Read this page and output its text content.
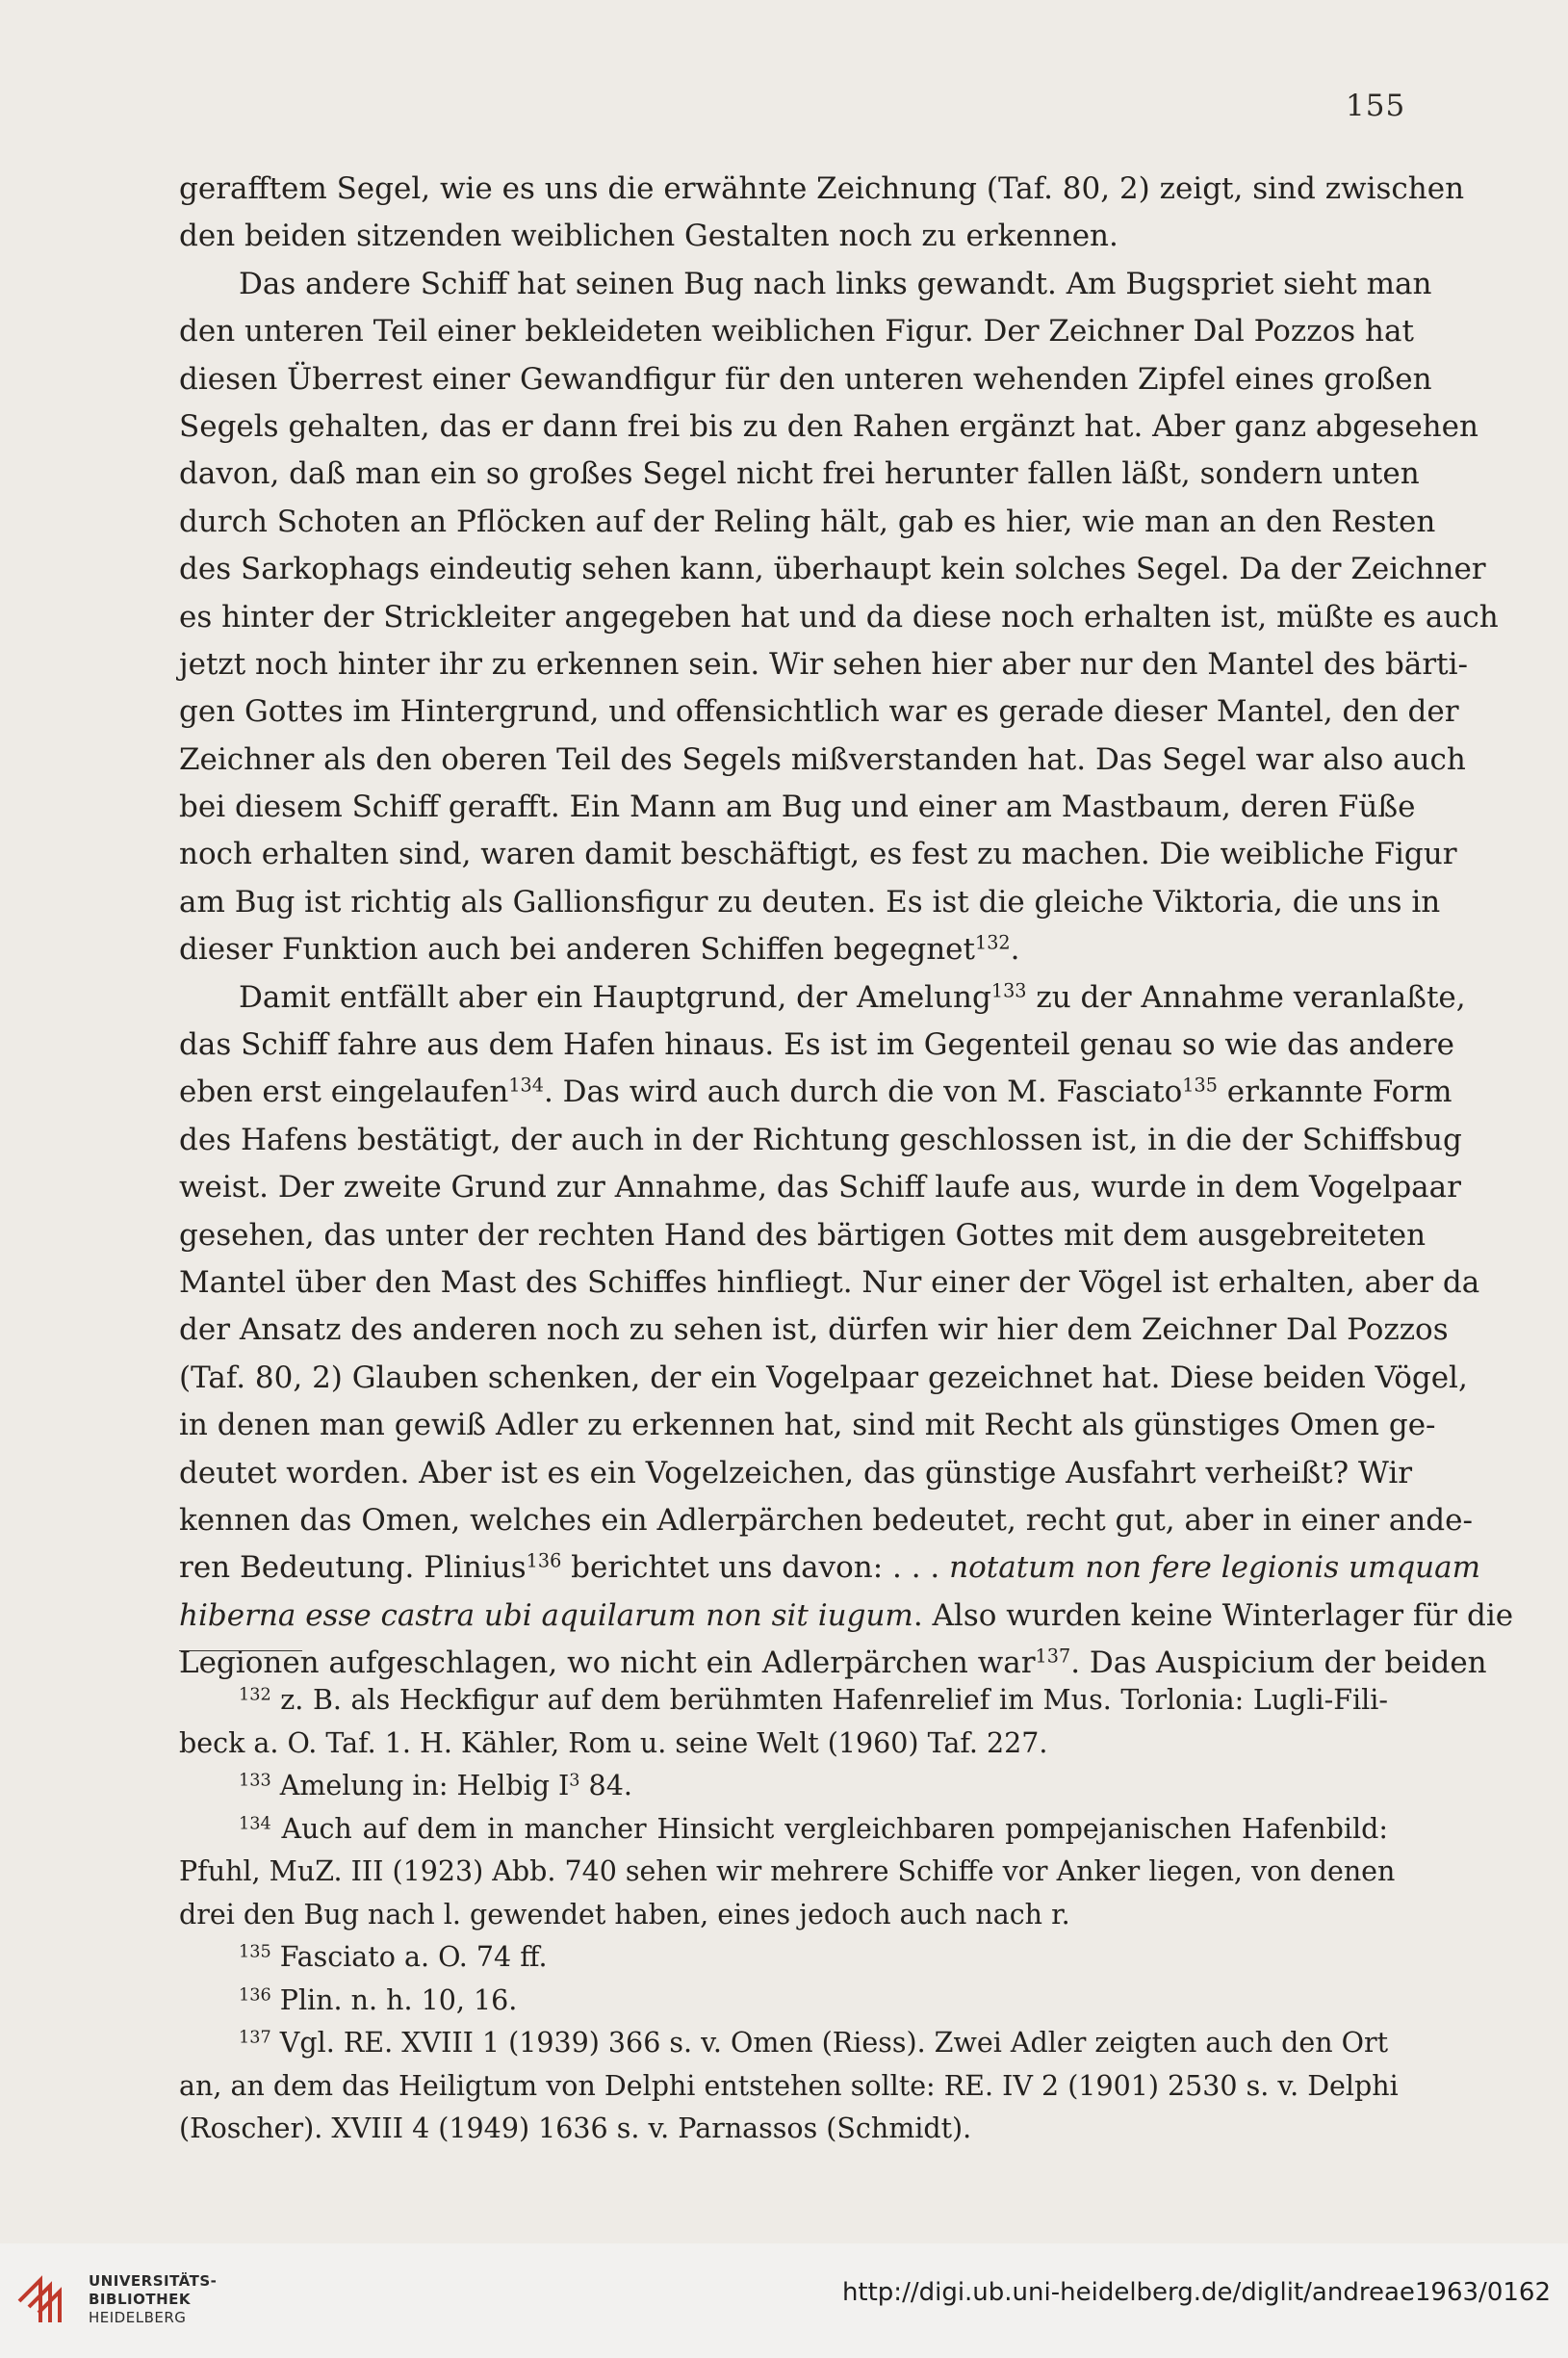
155
gerafftem Segel, wie es uns die erwähnte Zeichnung (Taf. 80, 2) zeigt, sind zwischen
den beiden sitzenden weiblichen Gestalten noch zu erkennen.
Das andere Schiff hat seinen Bug nach links gewandt. Am Bugspriet sieht man
den unteren Teil einer bekleideten weiblichen Figur. Der Zeichner Dal Pozzos hat
diesen Überrest einer Gewandfigur für den unteren wehenden Zipfel eines großen
Segels gehalten, das er dann frei bis zu den Rahen ergänzt hat. Aber ganz abgesehen
davon, daß man ein so großes Segel nicht frei herunter fallen läßt, sondern unten
durch Schoten an Pflöcken auf der Reling hält, gab es hier, wie man an den Resten
des Sarkophags eindeutig sehen kann, überhaupt kein solches Segel. Da der Zeichner
es hinter der Strickleiter angegeben hat und da diese noch erhalten ist, müßte es auch
jetzt noch hinter ihr zu erkennen sein. Wir sehen hier aber nur den Mantel des bärti-
gen Gottes im Hintergrund, und offensichtlich war es gerade dieser Mantel, den der
Zeichner als den oberen Teil des Segels mißverstanden hat. Das Segel war also auch
bei diesem Schiff gerafft. Ein Mann am Bug und einer am Mastbaum, deren Füße
noch erhalten sind, waren damit beschäftigt, es fest zu machen. Die weibliche Figur
am Bug ist richtig als Gallionsfigur zu deuten. Es ist die gleiche Viktoria, die uns in
dieser Funktion auch bei anderen Schiffen begegnet$^{132}$.
Damit entfällt aber ein Hauptgrund, der Amelung$^{133}$ zu der Annahme veranlaßte,
das Schiff fahre aus dem Hafen hinaus. Es ist im Gegenteil genau so wie das andere
eben erst eingelaufen$^{134}$. Das wird auch durch die von M. Fasciato$^{135}$ erkannte Form
des Hafens bestätigt, der auch in der Richtung geschlossen ist, in die der Schiffsbug
weist. Der zweite Grund zur Annahme, das Schiff laufe aus, wurde in dem Vogelpaar
gesehen, das unter der rechten Hand des bärtigen Gottes mit dem ausgebreiteten
Mantel über den Mast des Schiffes hinfliegt. Nur einer der Vögel ist erhalten, aber da
der Ansatz des anderen noch zu sehen ist, dürfen wir hier dem Zeichner Dal Pozzos
(Taf. 80, 2) Glauben schenken, der ein Vogelpaar gezeichnet hat. Diese beiden Vögel,
in denen man gewiß Adler zu erkennen hat, sind mit Recht als günstiges Omen ge-
deutet worden. Aber ist es ein Vogelzeichen, das günstige Ausfahrt verheißt? Wir
kennen das Omen, welches ein Adlerpärchen bedeutet, recht gut, aber in einer ande-
ren Bedeutung. Plinius$^{136}$ berichtet uns davon: . . . notatum non fere legionis umquam
hiberna esse castra ubi aquilarum non sit iugum. Also wurden keine Winterlager für die
Legionen aufgeschlagen, wo nicht ein Adlerpärchen war$^{137}$. Das Auspicium der beiden
$^{132}$ z. B. als Heckfigur auf dem berühmten Hafenrelief im Mus. Torlonia: Lugli-Fili-
beck a. O. Taf. 1. H. Kähler, Rom u. seine Welt (1960) Taf. 227.
$^{133}$ Amelung in: Helbig $I^3$ 84.
$^{134}$ Auch auf dem in mancher Hinsicht vergleichbaren pompejanischen Hafenbild:
Pfuhl, MuZ. III (1923) Abb. 740 sehen wir mehrere Schiffe vor Anker liegen, von denen
drei den Bug nach l. gewendet haben, eines jedoch auch nach r.
$^{135}$ Fasciato a. O. 74 ff.
$^{136}$ Plin. n. h. 10, 16.
$^{137}$ Vgl. RE. XVIII 1 (1939) 366 s. v. Omen (Riess). Zwei Adler zeigten auch den Ort
an, an dem das Heiligtum von Delphi entstehen sollte: RE. IV 2 (1901) 2530 s. v. Delphi
(Roscher). XVIII 4 (1949) 1636 s. v. Parnassos (Schmidt).
UNIVERSITÄTS-
BIBLIOTHEK
HEIDELBERG
http://digi.ub.uni-heidelberg.de/diglit/andreae1963/0162
